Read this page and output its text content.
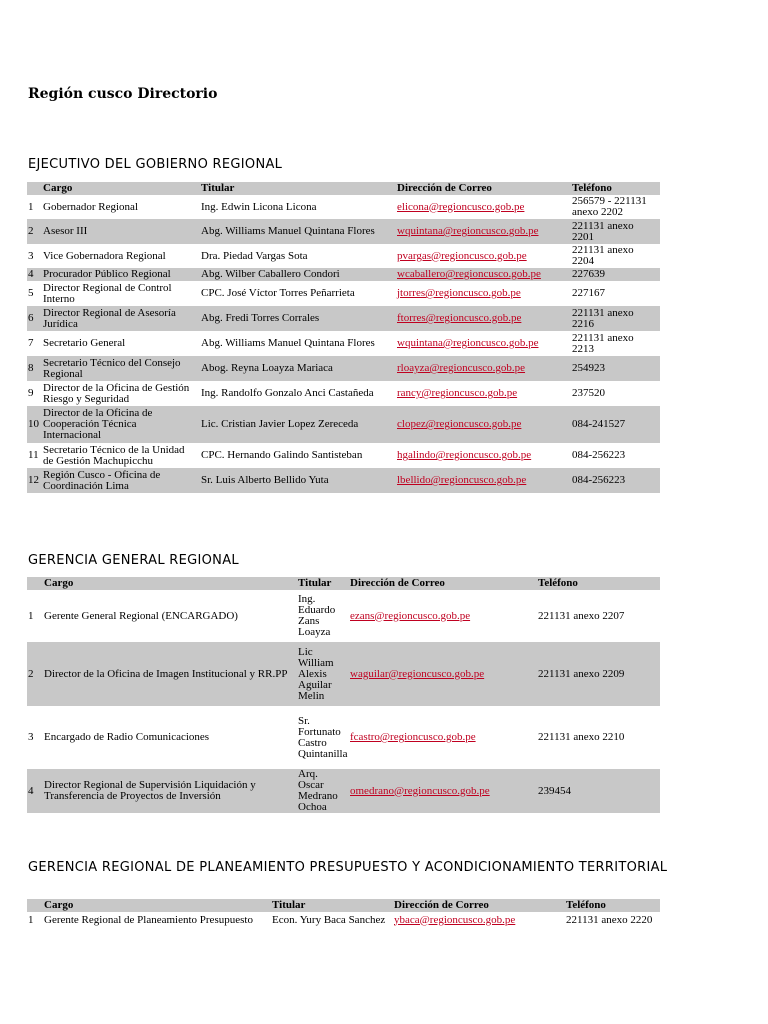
Región cusco Directorio
EJECUTIVO DEL GOBIERNO REGIONAL
	Cargo	Titular	Dirección de Correo	Teléfono
1	Gobernador Regional	Ing. Edwin Licona Licona	elicona@regioncusco.gob.pe	256579 - 221131 anexo 2202
2	Asesor III	Abg. Williams Manuel Quintana Flores	wquintana@regioncusco.gob.pe	221131 anexo 2201
3	Vice Gobernadora Regional	Dra. Piedad Vargas Sota	pvargas@regioncusco.gob.pe	221131 anexo 2204
4	Procurador Público Regional	Abg. Wilber Caballero Condori	wcaballero@regioncusco.gob.pe	227639
5	Director Regional de Control Interno	CPC. José Víctor Torres Peñarrieta	jtorres@regioncusco.gob.pe	227167
6	Director Regional de Asesoría Jurídica	Abg. Fredi Torres Corrales	ftorres@regioncusco.gob.pe	221131 anexo 2216
7	Secretario General	Abg. Williams Manuel Quintana Flores	wquintana@regioncusco.gob.pe	221131 anexo 2213
8	Secretario Técnico del Consejo Regional	Abog. Reyna Loayza Mariaca	rloayza@regioncusco.gob.pe	254923
9	Director de la Oficina de Gestión Riesgo y Seguridad	Ing. Randolfo Gonzalo Anci Castañeda	rancy@regioncusco.gob.pe	237520
10	Director de la Oficina de Cooperación Técnica Internacional	Lic. Cristian Javier Lopez Zereceda	clopez@regioncusco.gob.pe	084-241527
11	Secretario Técnico de la Unidad de Gestión Machupicchu	CPC. Hernando Galindo Santisteban	hgalindo@regioncusco.gob.pe	084-256223
12	Región Cusco - Oficina de Coordinación Lima	Sr. Luis Alberto Bellido Yuta	lbellido@regioncusco.gob.pe	084-256223
GERENCIA GENERAL REGIONAL
	Cargo	Titular	Dirección de Correo	Teléfono
1	Gerente General Regional (ENCARGADO)	Ing. Eduardo Zans Loayza	ezans@regioncusco.gob.pe	221131 anexo 2207
2	Director de la Oficina de Imagen Institucional y RR.PP	Lic William Alexis Aguilar Melin	waguilar@regioncusco.gob.pe	221131 anexo 2209
3	Encargado de Radio Comunicaciones	Sr. Fortunato Castro Quintanilla	fcastro@regioncusco.gob.pe	221131 anexo 2210
4	Director Regional de Supervisión Liquidación y Transferencia de Proyectos de Inversión	Arq. Oscar Medrano Ochoa	omedrano@regioncusco.gob.pe	239454
GERENCIA REGIONAL DE PLANEAMIENTO PRESUPUESTO Y ACONDICIONAMIENTO TERRITORIAL
	Cargo	Titular	Dirección de Correo	Teléfono
1	Gerente Regional de Planeamiento Presupuesto	Econ. Yury Baca Sanchez	ybaca@regioncusco.gob.pe	221131 anexo 2220
